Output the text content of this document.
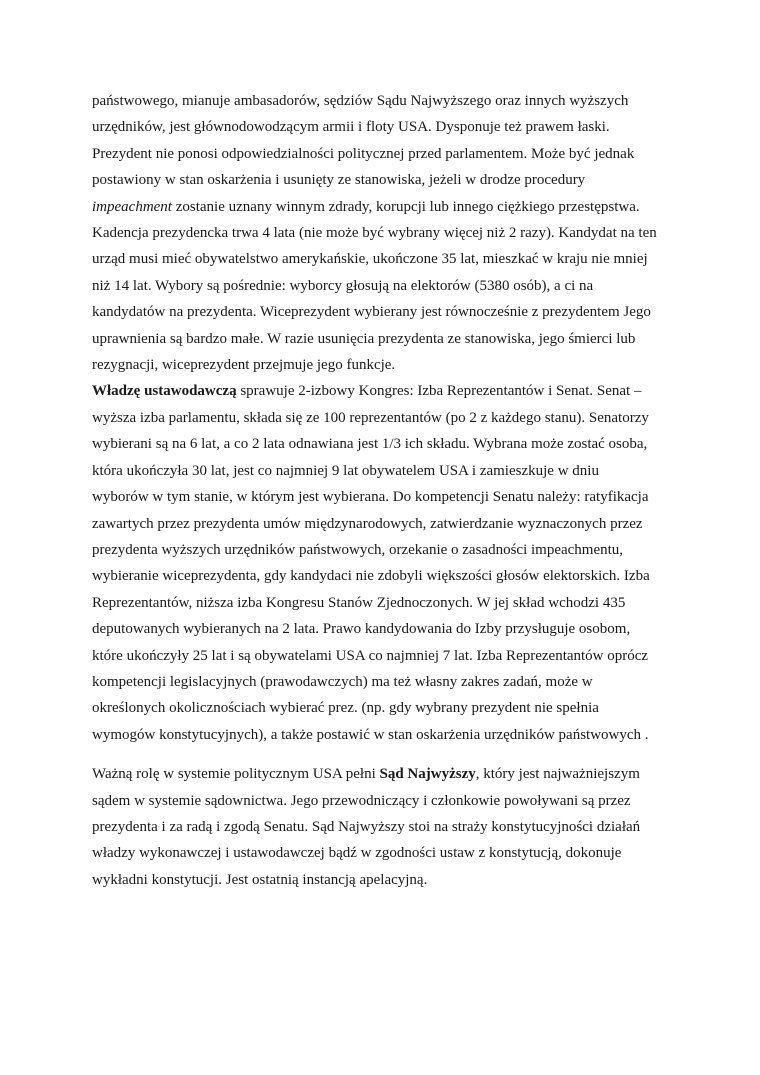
państwowego, mianuje ambasadorów, sędziów Sądu Najwyższego oraz innych wyższych
urzędników, jest głównodowodzącym armii i floty USA. Dysponuje też prawem łaski.
Prezydent nie ponosi odpowiedzialności politycznej przed parlamentem. Może być jednak
postawiony w stan oskarżenia i usunięty ze stanowiska, jeżeli w drodze procedury
impeachment zostanie uznany winnym zdrady, korupcji lub innego ciężkiego przestępstwa.
Kadencja prezydencka trwa 4 lata (nie może być wybrany więcej niż 2 razy). Kandydat na ten
urząd musi mieć obywatelstwo amerykańskie, ukończone 35 lat, mieszkać w kraju nie mniej
niż 14 lat. Wybory są pośrednie: wyborcy głosują na elektorów (5380 osób), a ci na
kandydatów na prezydenta. Wiceprezydent wybierany jest równocześnie z prezydentem Jego
uprawnienia są bardzo małe. W razie usunięcia prezydenta ze stanowiska, jego śmierci lub
rezygnacji, wiceprezydent przejmuje jego funkcje.
Władzę ustawodawczą sprawuje 2-izbowy Kongres: Izba Reprezentantów i Senat. Senat –
wyższa izba parlamentu, składa się ze 100 reprezentantów (po 2 z każdego stanu). Senatorzy
wybierani są na 6 lat, a co 2 lata odnawiana jest 1/3 ich składu. Wybrana może zostać osoba,
która ukończyła 30 lat, jest co najmniej 9 lat obywatelem USA i zamieszkuje w dniu
wyborów w tym stanie, w którym jest wybierana. Do kompetencji Senatu należy: ratyfikacja
zawartych przez prezydenta umów międzynarodowych, zatwierdzanie wyznaczonych przez
prezydenta wyższych urzędników państwowych, orzekanie o zasadności impeachmentu,
wybieranie wiceprezydenta, gdy kandydaci nie zdobyli większości głosów elektorskich. Izba
Reprezentantów, niższa izba Kongresu Stanów Zjednoczonych. W jej skład wchodzi 435
deputowanych wybieranych na 2 lata. Prawo kandydowania do Izby przysługuje osobom,
które ukończyły 25 lat i są obywatelami USA co najmniej 7 lat. Izba Reprezentantów oprócz
kompetencji legislacyjnych (prawodawczych) ma też własny zakres zadań, może w
określonych okolicznościach wybierać prez. (np. gdy wybrany prezydent nie spełnia
wymogów konstytucyjnych), a także postawić w stan oskarżenia urzędników państwowych .
Ważną rolę w systemie politycznym USA pełni Sąd Najwyższy, który jest najważniejszym
sądem w systemie sądownictwa. Jego przewodniczący i członkowie powoływani są przez
prezydenta i za radą i zgodą Senatu. Sąd Najwyższy stoi na straży konstytucyjności działań
władzy wykonawczej i ustawodawczej bądź w zgodności ustaw z konstytucją, dokonuje
wykładni konstytucji. Jest ostatnią instancją apelacyjną.
